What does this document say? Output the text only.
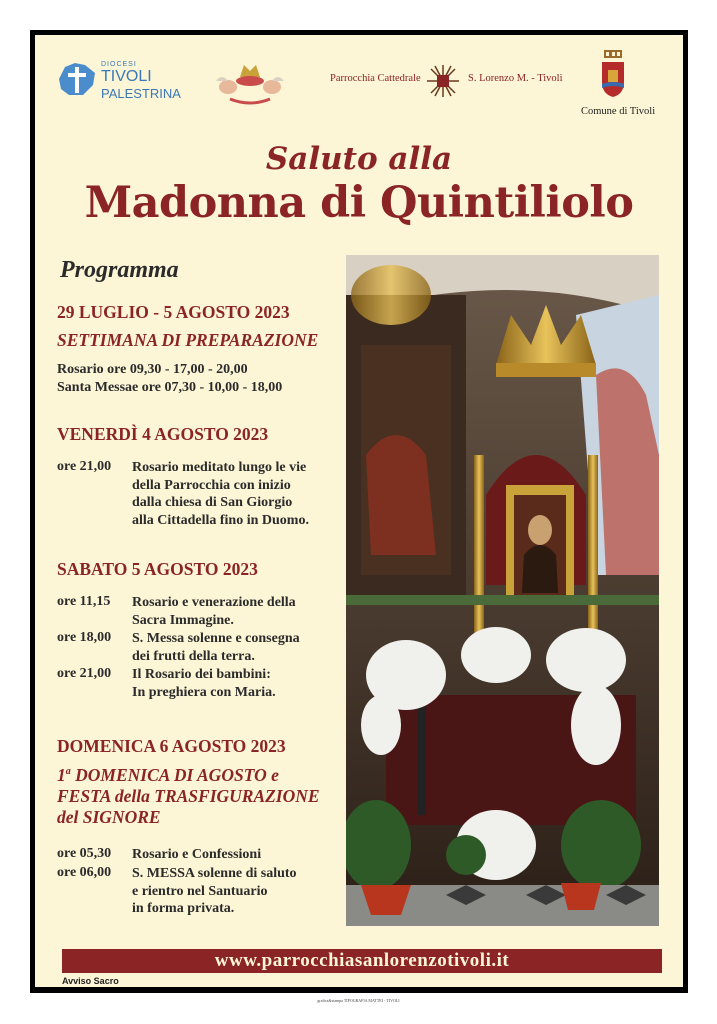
DIOCESI
TIVOLI
PALESTRINA
Parrocchia Cattedrale	S. Lorenzo M. - Tivoli
Comune di Tivoli
Saluto alla
Madonna di Quintiliolo
Programma
29 LUGLIO - 5 AGOSTO 2023
SETTIMANA DI PREPARAZIONE
Rosario ore 09,30 - 17,00 - 20,00
Santa Messae ore 07,30 - 10,00 - 18,00
VENERDÌ 4 AGOSTO 2023
ore 21,00 Rosario meditato lungo le vie
della Parrocchia con inizio
dalla chiesa di San Giorgio
alla Cittadella fino in Duomo.
SABATO 5 AGOSTO 2023
ore 11,15 Rosario e venerazione della
Sacra Immagine.
ore 18,00 S. Messa solenne e consegna
dei frutti della terra.
ore 21,00 Il Rosario dei bambini:
In preghiera con Maria.
DOMENICA 6 AGOSTO 2023
1$^a$ DOMENICA DI AGOSTO e
FESTA della TRASFIGURAZIONE
del SIGNORE
ore 05,30 Rosario e Confessioni
ore 06,00 S. MESSA solenne di saluto
e rientro nel Santuario
in forma privata.
www.parrocchiasanlorenzotivoli.it
Avviso Sacro
grafica&stampa TIPOGRAFIA MATTEI - TIVOLI
